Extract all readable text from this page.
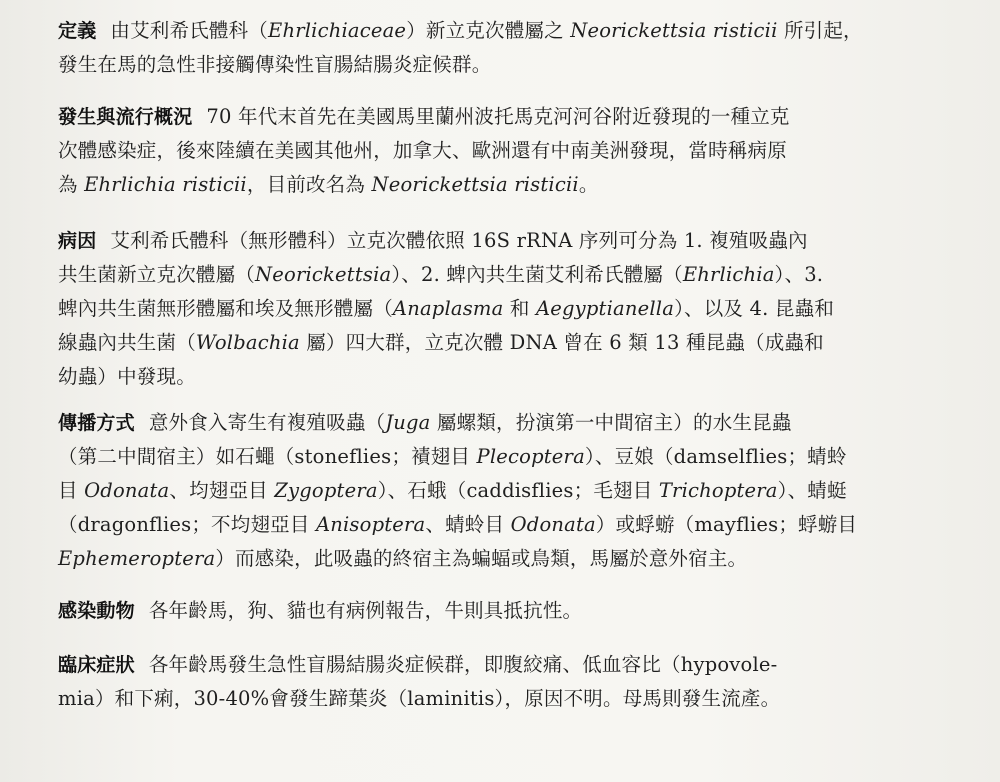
定義 由艾利希氏體科（Ehrlichiaceae）新立克次體屬之 Neorickettsia risticii 所引起，
發生在馬的急性非接觸傳染性盲腸結腸炎症候群。
發生與流行概況 70 年代末首先在美國馬里蘭州波托馬克河河谷附近發現的一種立克
次體感染症，後來陸續在美國其他州，加拿大、歐洲還有中南美洲發現，當時稱病原
為 Ehrlichia risticii，目前改名為 Neorickettsia risticii。
病因 艾利希氏體科（無形體科）立克次體依照 16S rRNA 序列可分為 1. 複殖吸蟲內
共生菌新立克次體屬（Neorickettsia）、2. 蜱內共生菌艾利希氏體屬（Ehrlichia）、3.
蜱內共生菌無形體屬和埃及無形體屬（Anaplasma 和 Aegyptianella）、以及 4. 昆蟲和
線蟲內共生菌（Wolbachia 屬）四大群，立克次體 DNA 曾在 6 類 13 種昆蟲（成蟲和
幼蟲）中發現。
傳播方式 意外食入寄生有複殖吸蟲（Juga 屬螺類，扮演第一中間宿主）的水生昆蟲
（第二中間宿主）如石蠅（stoneflies；襀翅目 Plecoptera）、豆娘（damselflies；蜻蛉
目 Odonata、均翅亞目 Zygoptera）、石蛾（caddisflies；毛翅目 Trichoptera）、蜻蜓
（dragonflies；不均翅亞目 Anisoptera、蜻蛉目 Odonata）或蜉蝣（mayflies；蜉蝣目
Ephemeroptera）而感染，此吸蟲的終宿主為蝙蝠或鳥類，馬屬於意外宿主。
感染動物 各年齡馬，狗、貓也有病例報告，牛則具抵抗性。
臨床症狀 各年齡馬發生急性盲腸結腸炎症候群，即腹絞痛、低血容比（hypovole-
mia）和下痢，30-40%會發生蹄葉炎（laminitis），原因不明。母馬則發生流產。
